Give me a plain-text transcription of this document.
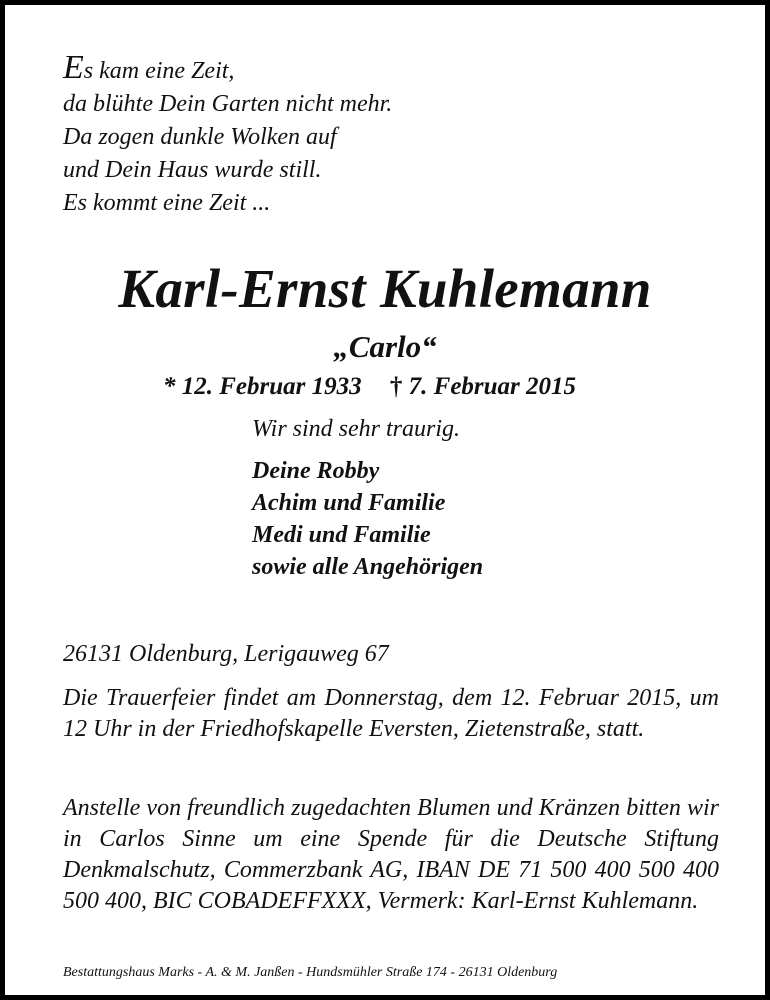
Es kam eine Zeit,
da blühte Dein Garten nicht mehr.
Da zogen dunkle Wolken auf
und Dein Haus wurde still.
Es kommt eine Zeit ...
Karl-Ernst Kuhlemann
„Carlo“
* 12. Februar 1933 † 7. Februar 2015
Wir sind sehr traurig.
Deine Robby
Achim und Familie
Medi und Familie
sowie alle Angehörigen
26131 Oldenburg, Lerigauweg 67
Die Trauerfeier findet am Donnerstag, dem 12. Februar 2015, um 12 Uhr in der Friedhofskapelle Eversten, Zietenstraße, statt.
Anstelle von freundlich zugedachten Blumen und Kränzen bitten wir in Carlos Sinne um eine Spende für die Deutsche Stiftung Denkmalschutz, Commerzbank AG, IBAN DE 71 500 400 500 400 500 400, BIC COBADEFFXXX, Vermerk: Karl-Ernst Kuhlemann.
Bestattungshaus Marks - A. & M. Janßen - Hundsmühler Straße 174 - 26131 Oldenburg
